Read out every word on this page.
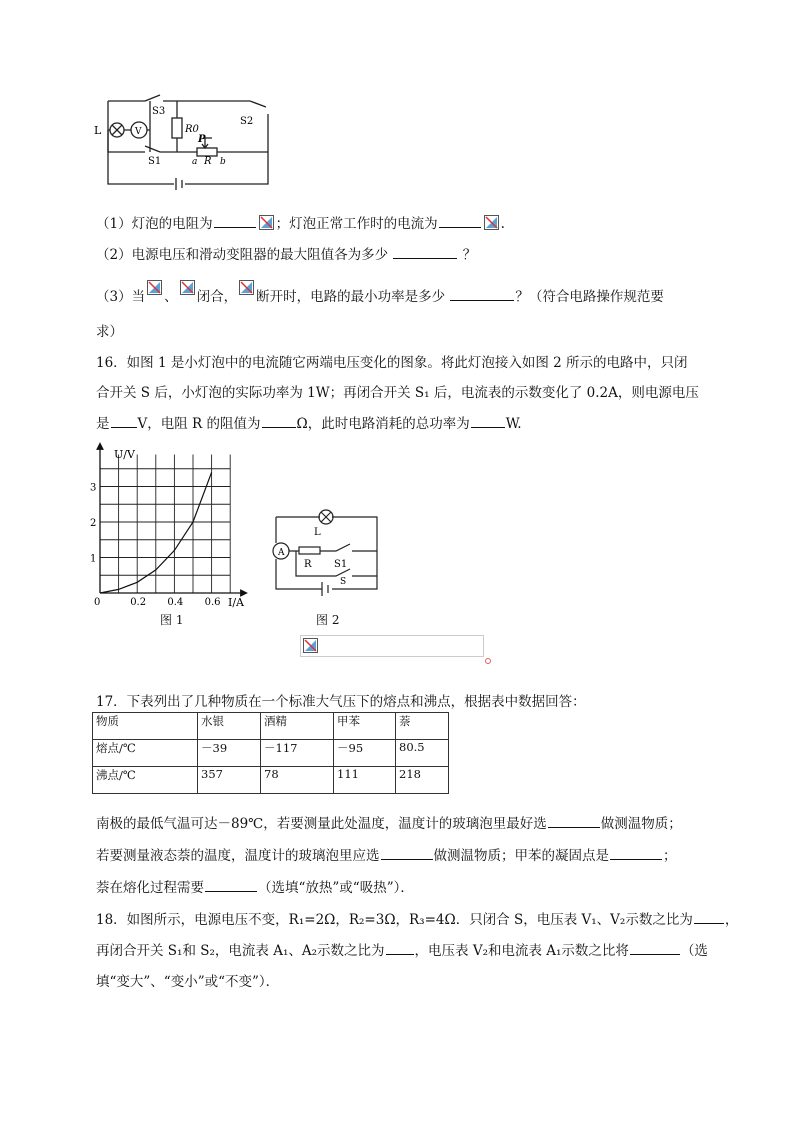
L	V
S3
R0
S2
P
a R b
S1
（1）灯泡的电阻为	；灯泡正常工作时的电流为	.
（2）电源电压和滑动变阻器的最大阻值各为多少	？
（3）当 、 闭合， 断开时，电路的最小功率是多少	？（符合电路操作规范要
求）
16．如图 1 是小灯泡中的电流随它两端电压变化的图象。将此灯泡接入如图 2 所示的电路中，只闭
合开关 S 后，小灯泡的实际功率为 1W；再闭合开关 S₁ 后，电流表的示数变化了 0.2A，则电源电压
是 V，电阻 R 的阻值为	Ω，此时电路消耗的总功率为	W.
U/V
I/A
0	0.2 0.4 0.6
1
2
3
图 1
L
A
R S1
S
图 2
17．下表列出了几种物质在一个标准大气压下的熔点和沸点，根据表中数据回答：
物质	水银	酒精	甲苯	萘
熔点/℃	－39	－117	－95	80.5
沸点/℃	357	78	111	218
南极的最低气温可达－89℃，若要测量此处温度，温度计的玻璃泡里最好选	做测温物质；
若要测量液态萘的温度，温度计的玻璃泡里应选	做测温物质；甲苯的凝固点是	；
萘在熔化过程需要	（选填“放热”或“吸热”）．
18．如图所示，电源电压不变，R₁=2Ω，R₂=3Ω，R₃=4Ω．只闭合 S，电压表 V₁、V₂示数之比为 ，
再闭合开关 S₁和 S₂，电流表 A₁、A₂示数之比为 ，电压表 V₂和电流表 A₁示数之比将	（选
填“变大”、“变小”或“不变”）．
